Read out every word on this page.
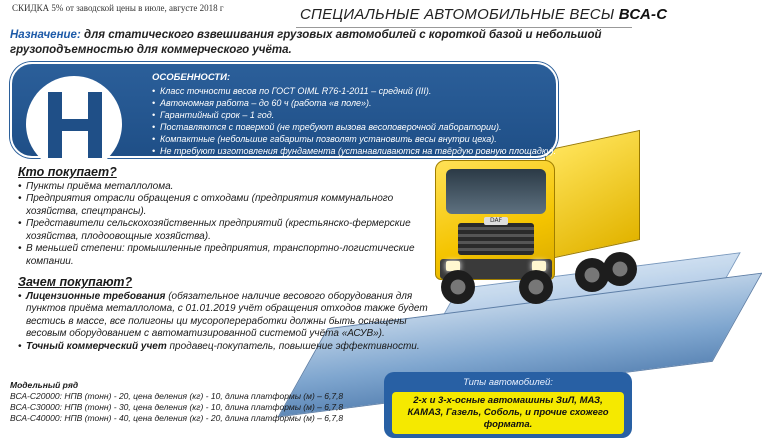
СКИДКА 5% от заводской цены в июле, августе 2018 г	СПЕЦИАЛЬНЫЕ АВТОМОБИЛЬНЫЕ ВЕСЫ ВСА-С
Назначение: для статического взвешивания грузовых автомобилей с короткой базой и небольшой грузоподъемностью для коммерческого учёта.
DAF
ОСОБЕННОСТИ:
• Класс точности весов по ГОСТ OIML R76-1-2011 – средний (III).
• Автономная работа – до 60 ч (работа «в поле»).
• Гарантийный срок – 1 год.
• Поставляются с поверкой (не требуют вызова весоповерочной лаборатории).
• Компактные (небольшие габариты позволят установить весы внутри цеха).
• Не требуют изготовления фундамента (устанавливаются на твёрдую ровную площадку).
Кто покупает?
• Пункты приёма металлолома.
• Предприятия отрасли обращения с отходами (предприятия коммунального хозяйства, спецтрансы).
• Представители сельскохозяйственных предприятий (крестьянско-фермерские хозяйства, плодоовощные хозяйства).
• В меньшей степени: промышленные предприятия, транспортно-логистические компании.
Зачем покупают?
• Лицензионные требования (обязательное наличие весового оборудования для пунктов приёма металлолома, с 01.01.2019 учёт обращения отходов также будет вестись в массе, все полигоны ци мусоропереработки должны быть оснащены весовым оборудованием с автоматизированной системой учёта «АСУВ»).
• Точный коммерческий учет продавец-покупатель, повышение эффективности.
Модельный ряд
ВСА-С20000: НПВ (тонн) - 20, цена деления (кг) - 10, длина платформы (м) – 6,7,8
ВСА-С30000: НПВ (тонн) - 30, цена деления (кг) - 10, длина платформы (м) – 6,7,8
ВСА-С40000: НПВ (тонн) - 40, цена деления (кг) - 20, длина платформы (м) – 6,7,8
Типы автомобилей:
2-х и 3-х-осные автомашины ЗиЛ, МАЗ, КАМАЗ, Газель, Соболь, и прочие схожего формата.
